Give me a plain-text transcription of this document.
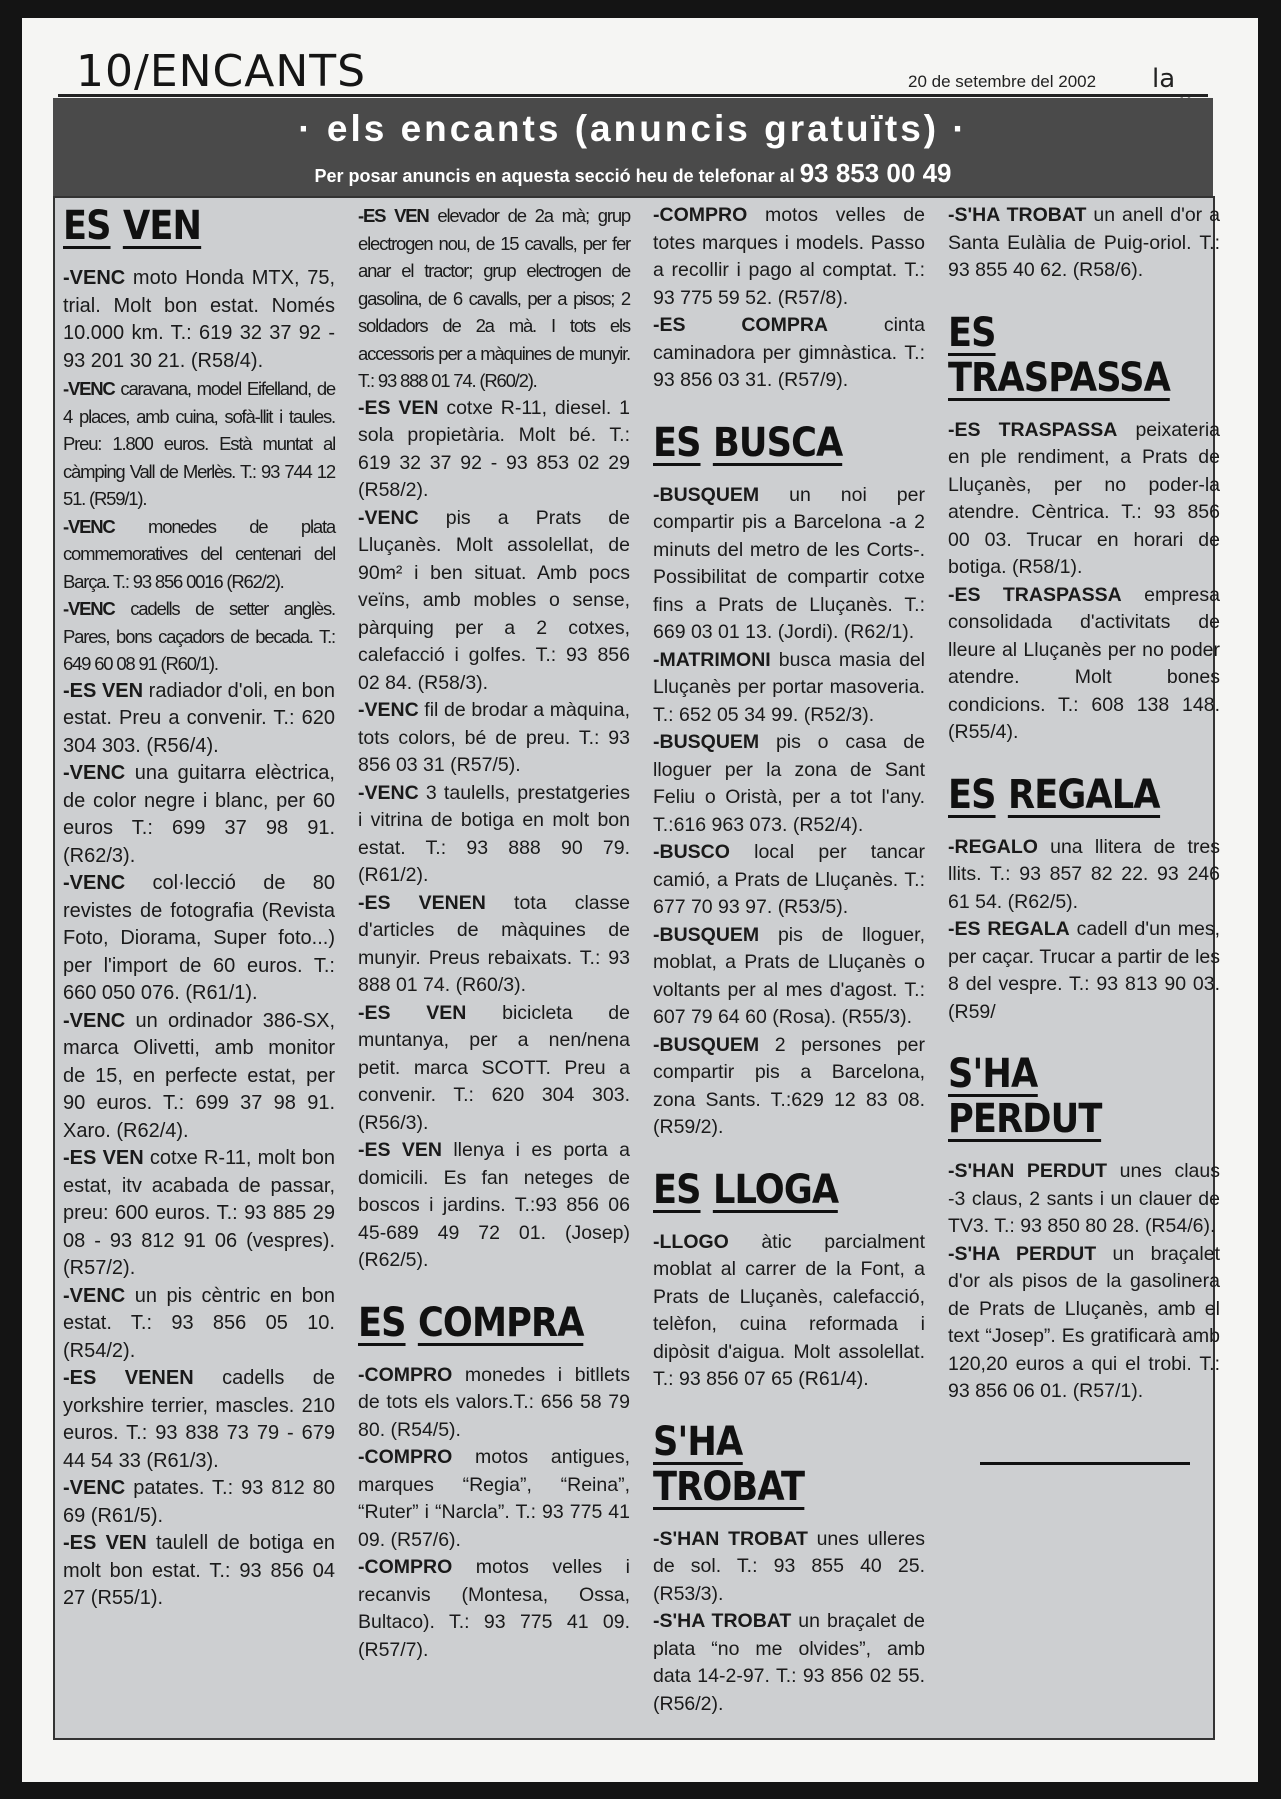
10/ENCANTS	20 de setembre del 2002 la
· els encants (anuncis gratuïts) ·
Per posar anuncis en aquesta secció heu de telefonar al 93 853 00 49
ES VEN

-VENC moto Honda MTX, 75, trial. Molt bon estat. Només 10.000 km. T.: 619 32 37 92 - 93 201 30 21. (R58/4).

-VENC caravana, model Eifelland, de 4 places, amb cuina, sofà-llit i taules. Preu: 1.800 euros. Està muntat al càmping Vall de Merlès. T.: 93 744 12 51. (R59/1).

-VENC monedes de plata commemoratives del centenari del Barça. T.: 93 856 0016 (R62/2).

-VENC cadells de setter anglès. Pares, bons caçadors de becada. T.: 649 60 08 91 (R60/1).

-ES VEN radiador d'oli, en bon estat. Preu a convenir. T.: 620 304 303. (R56/4).

-VENC una guitarra elèctrica, de color negre i blanc, per 60 euros T.: 699 37 98 91. (R62/3).

-VENC col·lecció de 80 revistes de fotografia (Revista Foto, Diorama, Super foto...) per l'import de 60 euros. T.: 660 050 076. (R61/1).

-VENC un ordinador 386-SX, marca Olivetti, amb monitor de 15, en perfecte estat, per 90 euros. T.: 699 37 98 91. Xaro. (R62/4).

-ES VEN cotxe R-11, molt bon estat, itv acabada de passar, preu: 600 euros. T.: 93 885 29 08 - 93 812 91 06 (vespres). (R57/2).

-VENC un pis cèntric en bon estat. T.: 93 856 05 10. (R54/2).

-ES VENEN cadells de yorkshire terrier, mascles. 210 euros. T.: 93 838 73 79 - 679 44 54 33 (R61/3).

-VENC patates. T.: 93 812 80 69 (R61/5).

-ES VEN taulell de botiga en molt bon estat. T.: 93 856 04 27 (R55/1).

-ES VEN elevador de 2a mà; grup electrogen nou, de 15 cavalls, per fer anar el tractor; grup electrogen de gasolina, de 6 cavalls, per a pisos; 2 soldadors de 2a mà. I tots els accessoris per a màquines de munyir. T.: 93 888 01 74. (R60/2).

-ES VEN cotxe R-11, diesel. 1 sola propietària. Molt bé. T.: 619 32 37 92 - 93 853 02 29 (R58/2).

-VENC pis a Prats de Lluçanès. Molt assolellat, de 90m² i ben situat. Amb pocs veïns, amb mobles o sense, pàrquing per a 2 cotxes, calefacció i golfes. T.: 93 856 02 84. (R58/3).

-VENC fil de brodar a màquina, tots colors, bé de preu. T.: 93 856 03 31 (R57/5).

-VENC 3 taulells, prestatgeries i vitrina de botiga en molt bon estat. T.: 93 888 90 79. (R61/2).

-ES VENEN tota classe d'articles de màquines de munyir. Preus rebaixats. T.: 93 888 01 74. (R60/3).

-ES VEN bicicleta de muntanya, per a nen/nena petit. marca SCOTT. Preu a convenir. T.: 620 304 303. (R56/3).

-ES VEN llenya i es porta a domicili. Es fan neteges de boscos i jardins. T.:93 856 06 45-689 49 72 01. (Josep) (R62/5).

ES COMPRA

-COMPRO monedes i bitllets de tots els valors.T.: 656 58 79 80. (R54/5).

-COMPRO motos antigues, marques “Regia”, “Reina”, “Ruter” i “Narcla”. T.: 93 775 41 09. (R57/6).

-COMPRO motos velles i recanvis (Montesa, Ossa, Bultaco). T.: 93 775 41 09.(R57/7).

-COMPRO motos velles de totes marques i models. Passo a recollir i pago al comptat. T.: 93 775 59 52. (R57/8).

-ES COMPRA cinta caminadora per gimnàstica. T.: 93 856 03 31. (R57/9).

ES BUSCA

-BUSQUEM un noi per compartir pis a Barcelona -a 2 minuts del metro de les Corts-. Possibilitat de compartir cotxe fins a Prats de Lluçanès. T.: 669 03 01 13. (Jordi). (R62/1).

-MATRIMONI busca masia del Lluçanès per portar masoveria. T.: 652 05 34 99. (R52/3).

-BUSQUEM pis o casa de lloguer per la zona de Sant Feliu o Oristà, per a tot l'any. T.:616 963 073. (R52/4).

-BUSCO local per tancar camió, a Prats de Lluçanès. T.: 677 70 93 97. (R53/5).

-BUSQUEM pis de lloguer, moblat, a Prats de Lluçanès o voltants per al mes d'agost. T.: 607 79 64 60 (Rosa). (R55/3).

-BUSQUEM 2 persones per compartir pis a Barcelona, zona Sants. T.:629 12 83 08. (R59/2).

ES LLOGA

-LLOGO àtic parcialment moblat al carrer de la Font, a Prats de Lluçanès, calefacció, telèfon, cuina reformada i dipòsit d'aigua. Molt assolellat. T.: 93 856 07 65 (R61/4).

S'HATROBAT

-S'HAN TROBAT unes ulleres de sol. T.: 93 855 40 25. (R53/3).

-S'HA TROBAT un braçalet de plata “no me olvides”, amb data 14-2-97. T.: 93 856 02 55. (R56/2).

-S'HA TROBAT un anell d'or a Santa Eulàlia de Puig-oriol. T.: 93 855 40 62. (R58/6).

ESTRASPASSA

-ES TRASPASSA peixateria en ple rendiment, a Prats de Lluçanès, per no poder-la atendre. Cèntrica. T.: 93 856 00 03. Trucar en horari de botiga. (R58/1).

-ES TRASPASSA empresa consolidada d'activitats de lleure al Lluçanès per no poder atendre. Molt bones condicions. T.: 608 138 148. (R55/4).

ES REGALA

-REGALO una llitera de tres llits. T.: 93 857 82 22. 93 246 61 54. (R62/5).

-ES REGALA cadell d'un mes, per caçar. Trucar a partir de les 8 del vespre. T.: 93 813 90 03. (R59/

S'HAPERDUT

-S'HAN PERDUT unes claus -3 claus, 2 sants i un clauer de TV3. T.: 93 850 80 28. (R54/6).

-S'HA PERDUT un braçalet d'or als pisos de la gasolinera de Prats de Lluçanès, amb el text “Josep”. Es gratificarà amb 120,20 euros a qui el trobi. T.: 93 856 06 01. (R57/1).
